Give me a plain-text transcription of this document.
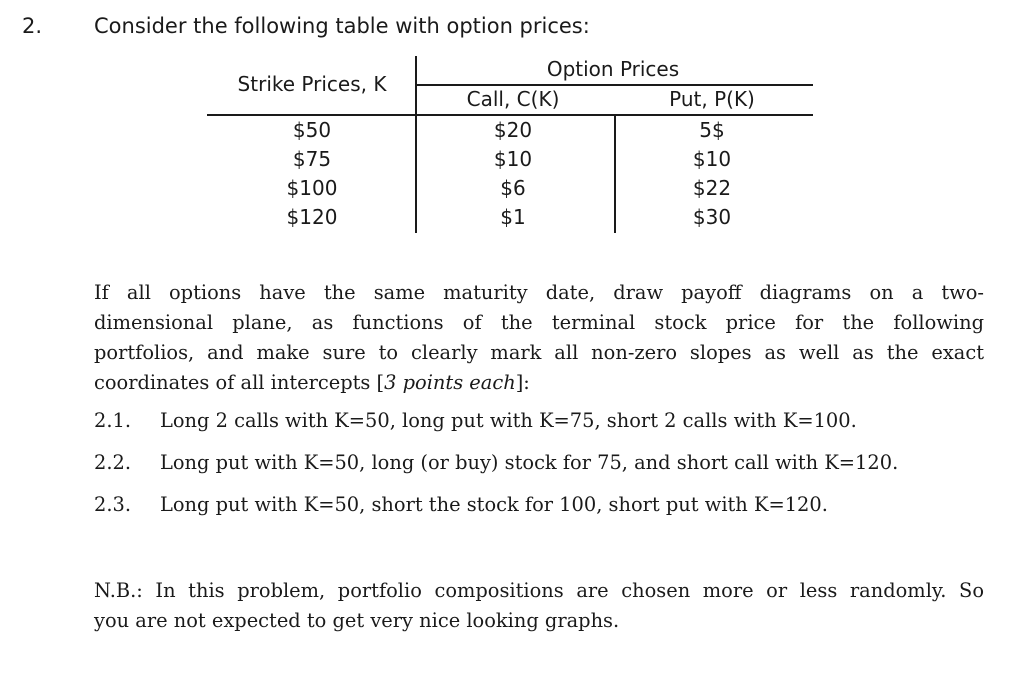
2. Consider the following table with option prices:
Strike Prices, K
Option Prices
Call, C(K)	Put, P(K)
$50	$20	5$
$75	$10	$10
$100	$6	$22
$120	$1	$30
If all options have the same maturity date, draw payoff diagrams on a two-
dimensional plane, as functions of the terminal stock price for the following
portfolios, and make sure to clearly mark all non-zero slopes as well as the exact
coordinates of all intercepts [3 points each]:
2.1. Long 2 calls with K=50, long put with K=75, short 2 calls with K=100.
2.2. Long put with K=50, long (or buy) stock for 75, and short call with K=120.
2.3. Long put with K=50, short the stock for 100, short put with K=120.
N.B.: In this problem, portfolio compositions are chosen more or less randomly. So
you are not expected to get very nice looking graphs.
